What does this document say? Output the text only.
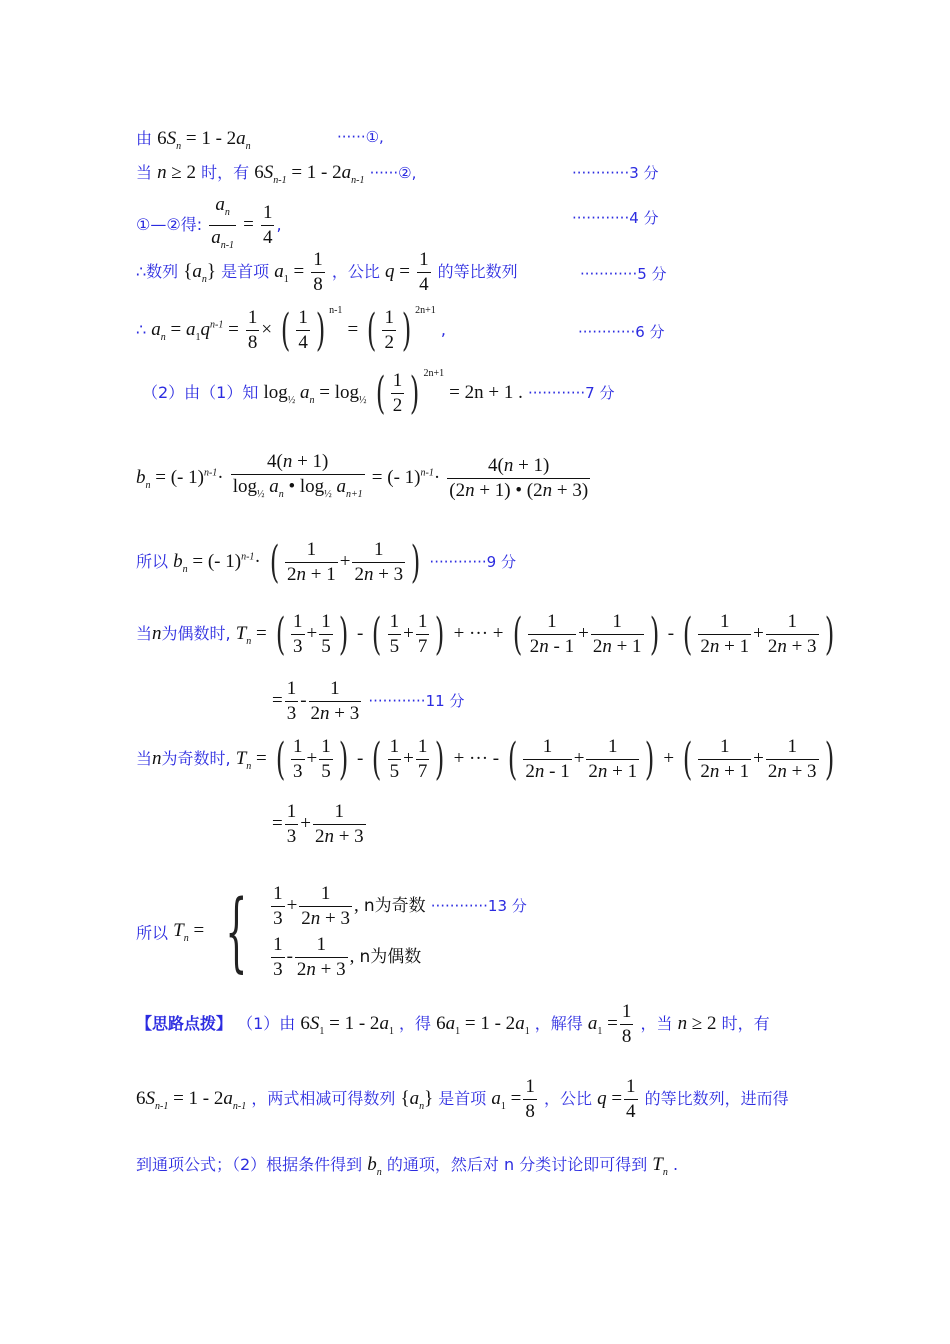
由 $6S_n = 1 - 2a_n$
······①,
当 n ≥ 2 时，有 $6S_{n-1} = 1 - 2a_{n-1}$ ······②,	············3 分
①—②得: $\frac{a_n}{a_{n-1}} = \frac{1}{4}$ ,	············4 分
∴数列 $\{a_n\}$ 是首项 $a_1 = \frac{1}{8}$ ，公比 $q = \frac{1}{4}$ 的等比数列	············5 分
∴ $a_n = a_1q^{n-1} = \frac{1}{8}$ × ( $\frac{1}{4}$ ) $^{n-1}$ = ( $\frac{1}{2}$ ) $^{2n+1}$ ,	············6 分
（2）由（1）知 $\log_{\frac{1}{2}} a_n = \log_{\frac{1}{2}}$ ( $\frac{1}{2}$ ) $^{2n+1}$ = 2n + 1 . ············7 分
$b_n$ = (- $1)^{n-1}\cdot \frac{4(n + 1)}{\log_{\frac{1}{2}} a_n • \log_{\frac{1}{2}} a_{n+1}}$ = (- $1)^{n-1}\cdot \frac{4(n + 1)}{(2n + 1) • (2n + 3)}$
所以 $b_n$ = (- 1)$^{n-1}$· ( $\frac{1}{2n + 1} + \frac{1}{2n + 3}$ ) ············9 分
当n为偶数时, $T_n$ = ( $\frac{1}{3} + \frac{1}{5}$ ) - ( $\frac{1}{5} + \frac{1}{7}$ ) + ··· + ( $\frac{1}{2n - 1} + \frac{1}{2n + 1}$ ) - ( $\frac{1}{2n + 1} + \frac{1}{2n + 3}$ )
= $\frac{1}{3} - \frac{1}{2n + 3} \cdot\cdot\cdot\cdot\cdot\cdot\cdot\cdot\cdot\cdot\cdot\cdot 11$ 分
当n为奇数时, $T_n$ = ( $\frac{1}{3} + \frac{1}{5}$ ) - ( $\frac{1}{5} + \frac{1}{7}$ ) + ··· - ( $\frac{1}{2n - 1} + \frac{1}{2n + 1}$ ) + ( $\frac{1}{2n + 1} + \frac{1}{2n + 3}$ )
= $\frac{1}{3} + \frac{1}{2n + 3}$
所以 $T_n$ = { $\frac{1}{3} + \frac{1}{2n + 3}$ , n为奇数 ············13 分
$\frac{1}{3} - \frac{1}{2n + 3}$ , n为偶数
【思路点拨】 （1）由 $6S_1 = 1 - 2a_1$ ，得 $6a_1 = 1 - 2a_1$ ，解得 $a_1 = \frac{1}{8}$ ，当 n ≥ 2 时，有
$6S_{n-1} = 1 - 2a_{n-1}$ ，两式相减可得数列 $\{a_n\}$ 是首项 $a_1 = \frac{1}{8}$ ，公比 $q = \frac{1}{4}$ 的等比数列，进而得
到通项公式；（2）根据条件得到 $b_n$ 的通项，然后对 n 分类讨论即可得到 $T_n$ .
